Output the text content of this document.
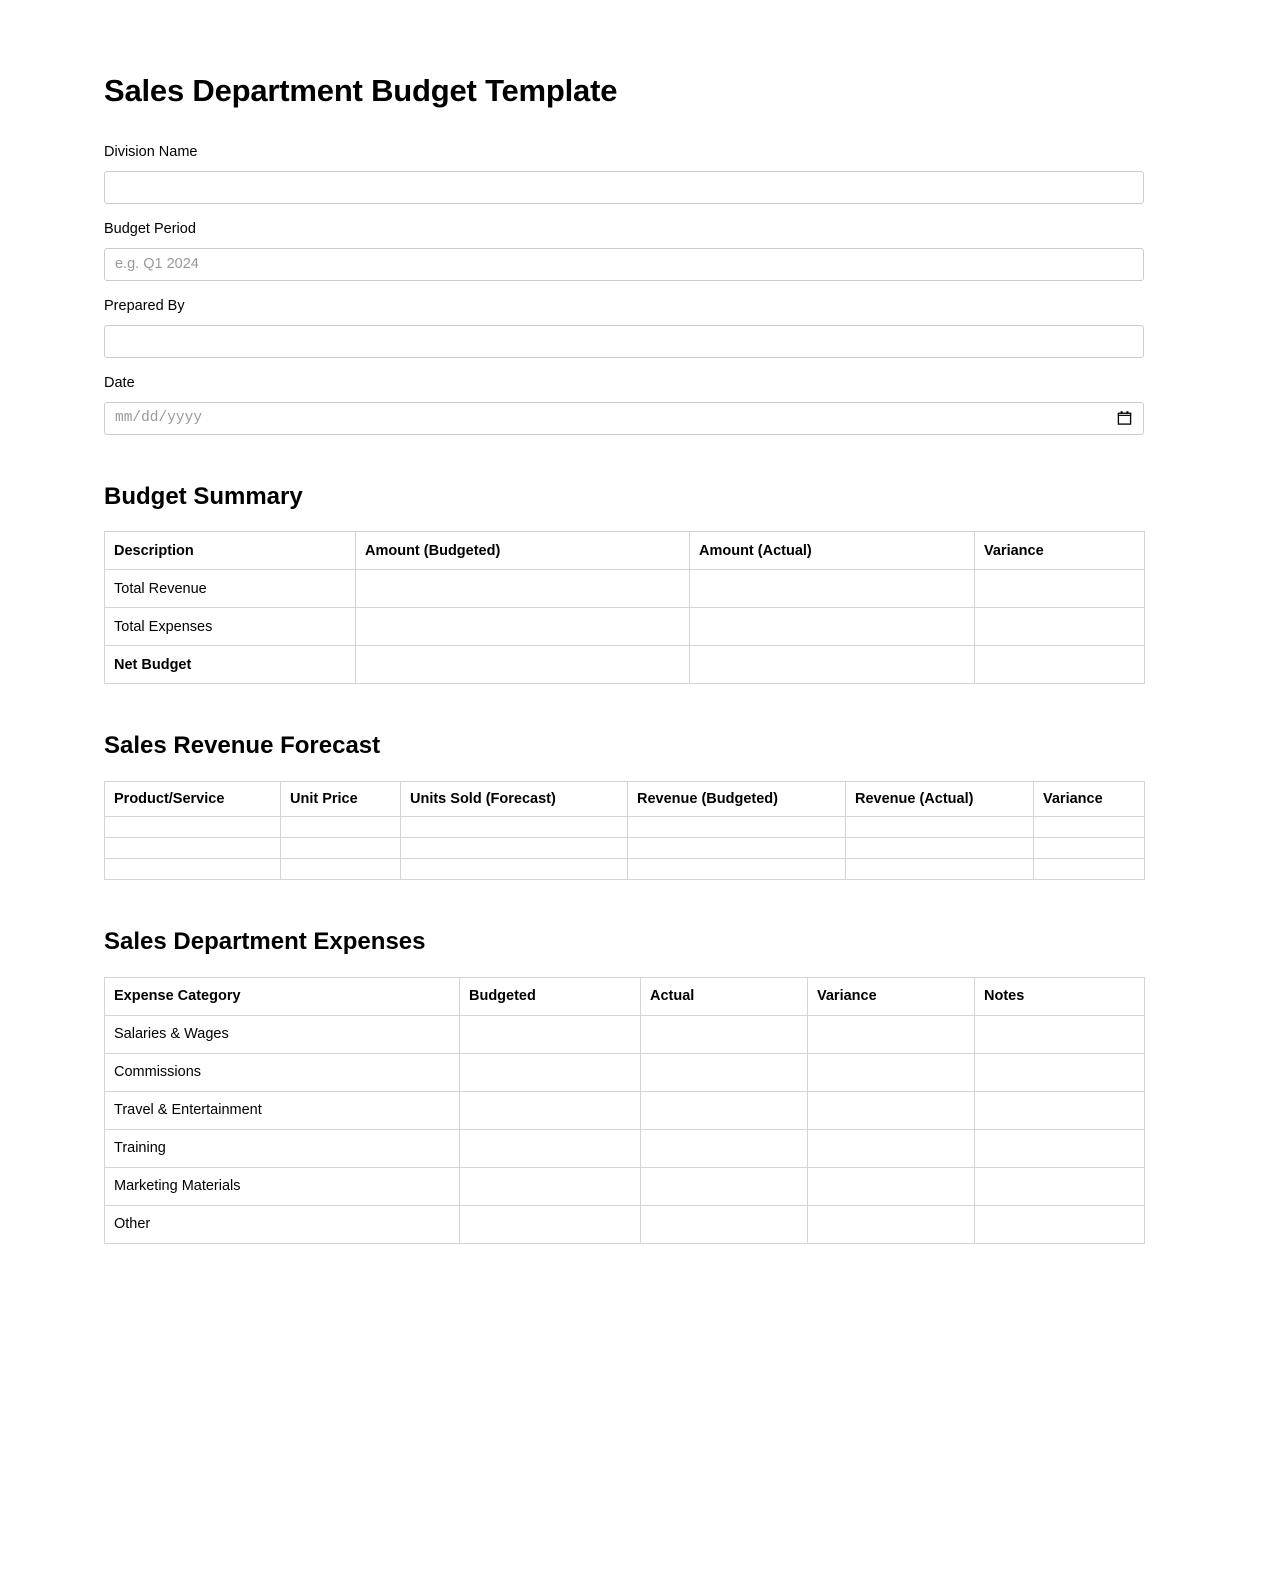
Sales Department Budget Template
Division Name
Budget Period
e.g. Q1 2024
Prepared By
Date
mm/dd/yyyy
Budget Summary
Description	Amount (Budgeted)	Amount (Actual)	Variance
Total Revenue			
Total Expenses			
Net Budget			
Sales Revenue Forecast
Product/Service	Unit Price	Units Sold (Forecast)	Revenue (Budgeted)	Revenue (Actual)	Variance

Sales Department Expenses
Expense Category	Budgeted	Actual	Variance	Notes
Salaries & Wages				
Commissions				
Travel & Entertainment				
Training				
Marketing Materials				
Other				
